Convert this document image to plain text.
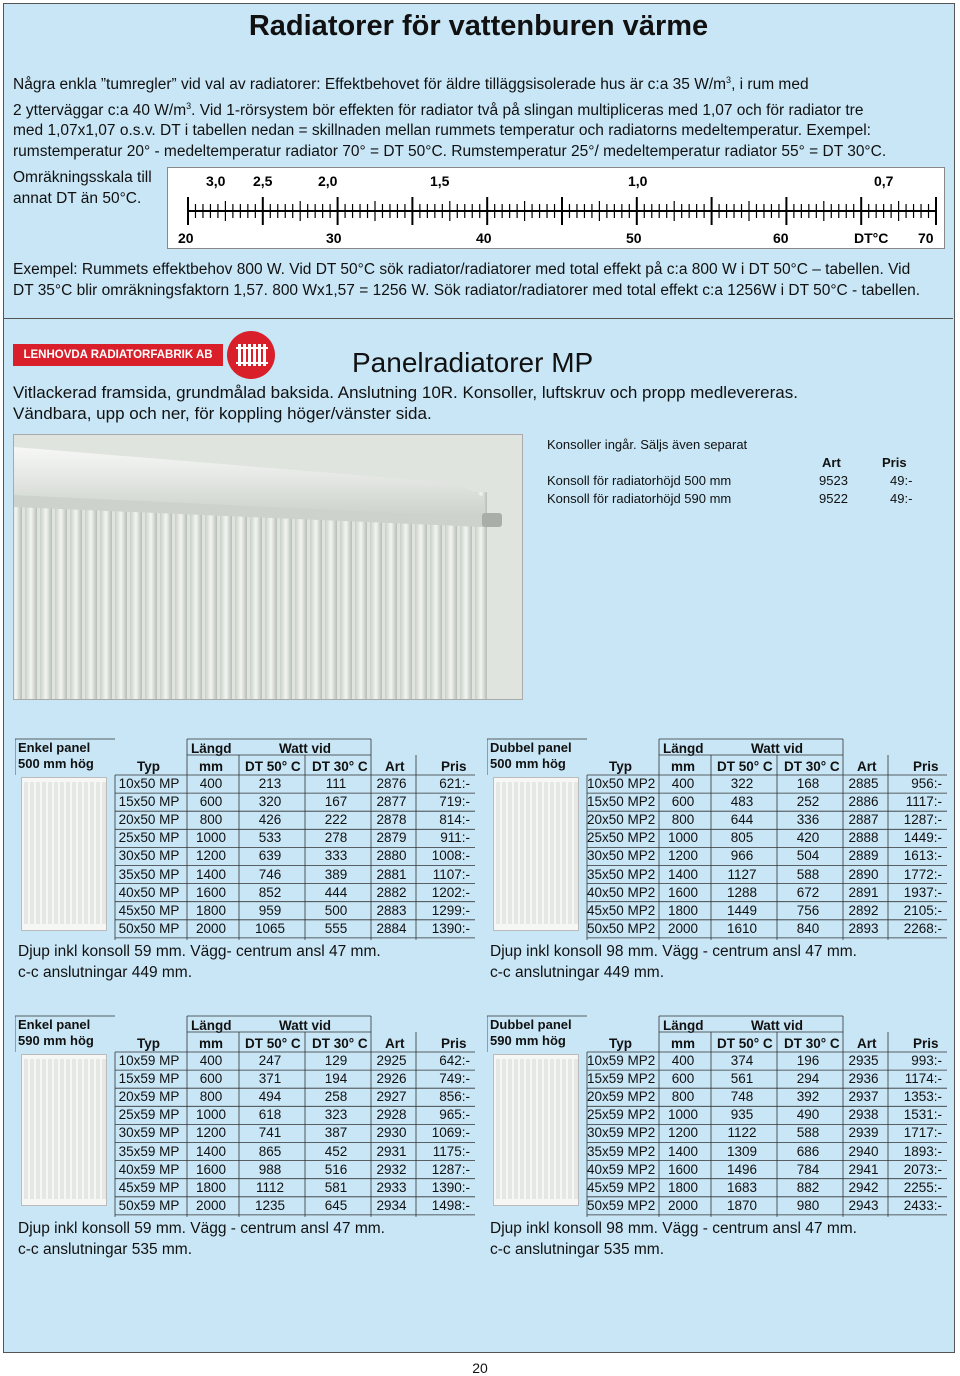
Radiatorer för vattenburen värme
Några enkla ”tumregler” vid val av radiatorer: Effektbehovet för äldre tilläggsisolerade hus är c:a 35 $W/m^3$, i rum med
2 ytterväggar c:a 40 $W/m^3$. Vid 1-rörsystem bör effekten för radiator två på slingan multipliceras med 1,07 och för radiator tre
med 1,07x1,07 o.s.v. DT i tabellen nedan = skillnaden mellan rummets temperatur och radiatorns medeltemperatur. Exempel:
rumstemperatur 20° - medeltemperatur radiator 70° = DT 50°C. Rumstemperatur 25°/ medeltemperatur radiator 55° = DT 30°C.
Omräkningsskala till
annat DT än 50°C.
3,0 2,5	2,0	1,5	1,0	0,7
20	30	40	50	60	DT°C 70
Exempel: Rummets effektbehov 800 W. Vid DT 50°C sök radiator/radiatorer med total effekt på c:a 800 W i DT 50°C – tabellen. Vid
DT 35°C blir omräkningsfaktorn 1,57. 800 Wx1,57 = 1256 W. Sök radiator/radiatorer med total effekt c:a 1256W i DT 50°C - tabellen.
LENHOVDA RADIATORFABRIK AB	Panelradiatorer MP
Vitlackerad framsida, grundmålad baksida. Anslutning 10R. Konsoller, luftskruv och propp medlevereras.
Vändbara, upp och ner, för koppling höger/vänster sida.
Konsoller ingår. Säljs även separat
Art	Pris
Konsoll för radiatorhöjd 500 mm	9523	49:-
Konsoll för radiatorhöjd 590 mm	9522	49:-
Enkel panel
500 mm hög
Längd	Watt vid
Typ	mm DT 50° C DT 30° C Art	Pris
10x50 MP	400	213	111	2876	621:-
15x50 MP	600	320	167	2877	719:-
20x50 MP	800	426	222	2878	814:-
25x50 MP	1000	533	278	2879	911:-
30x50 MP	1200	639	333	2880	1008:-
35x50 MP	1400	746	389	2881	1107:-
40x50 MP	1600	852	444	2882	1202:-
45x50 MP	1800	959	500	2883	1299:-
50x50 MP	2000	1065	555	2884	1390:-
Djup inkl konsoll 59 mm. Vägg- centrum ansl 47 mm.
c-c anslutningar 449 mm.
Dubbel panel
500 mm hög
Längd	Watt vid
Typ	mm DT 50° C DT 30° C Art	Pris
10x50 MP2	400	322	168	2885	956:-
15x50 MP2	600	483	252	2886	1117:-
20x50 MP2	800	644	336	2887	1287:-
25x50 MP2 1000	805	420	2888	1449:-
30x50 MP2 1200	966	504	2889	1613:-
35x50 MP2 1400	1127	588	2890	1772:-
40x50 MP2 1600	1288	672	2891	1937:-
45x50 MP2 1800	1449	756	2892	2105:-
50x50 MP2 2000	1610	840	2893	2268:-
Djup inkl konsoll 98 mm. Vägg - centrum ansl 47 mm.
c-c anslutningar 449 mm.
Enkel panel
590 mm hög
Längd	Watt vid
Typ	mm DT 50° C DT 30° C Art	Pris
10x59 MP	400	247	129	2925	642:-
15x59 MP	600	371	194	2926	749:-
20x59 MP	800	494	258	2927	856:-
25x59 MP	1000	618	323	2928	965:-
30x59 MP	1200	741	387	2930	1069:-
35x59 MP	1400	865	452	2931	1175:-
40x59 MP	1600	988	516	2932	1287:-
45x59 MP	1800	1112	581	2933	1390:-
50x59 MP	2000	1235	645	2934	1498:-
Djup inkl konsoll 59 mm. Vägg - centrum ansl 47 mm.
c-c anslutningar 535 mm.
Dubbel panel
590 mm hög
Längd	Watt vid
Typ	mm DT 50° C DT 30° C Art	Pris
10x59 MP2	400	374	196	2935	993:-
15x59 MP2	600	561	294	2936	1174:-
20x59 MP2	800	748	392	2937	1353:-
25x59 MP2 1000	935	490	2938	1531:-
30x59 MP2 1200	1122	588	2939	1717:-
35x59 MP2 1400	1309	686	2940	1893:-
40x59 MP2 1600	1496	784	2941	2073:-
45x59 MP2 1800	1683	882	2942	2255:-
50x59 MP2 2000	1870	980	2943	2433:-
Djup inkl konsoll 98 mm. Vägg - centrum ansl 47 mm.
c-c anslutningar 535 mm.
20
